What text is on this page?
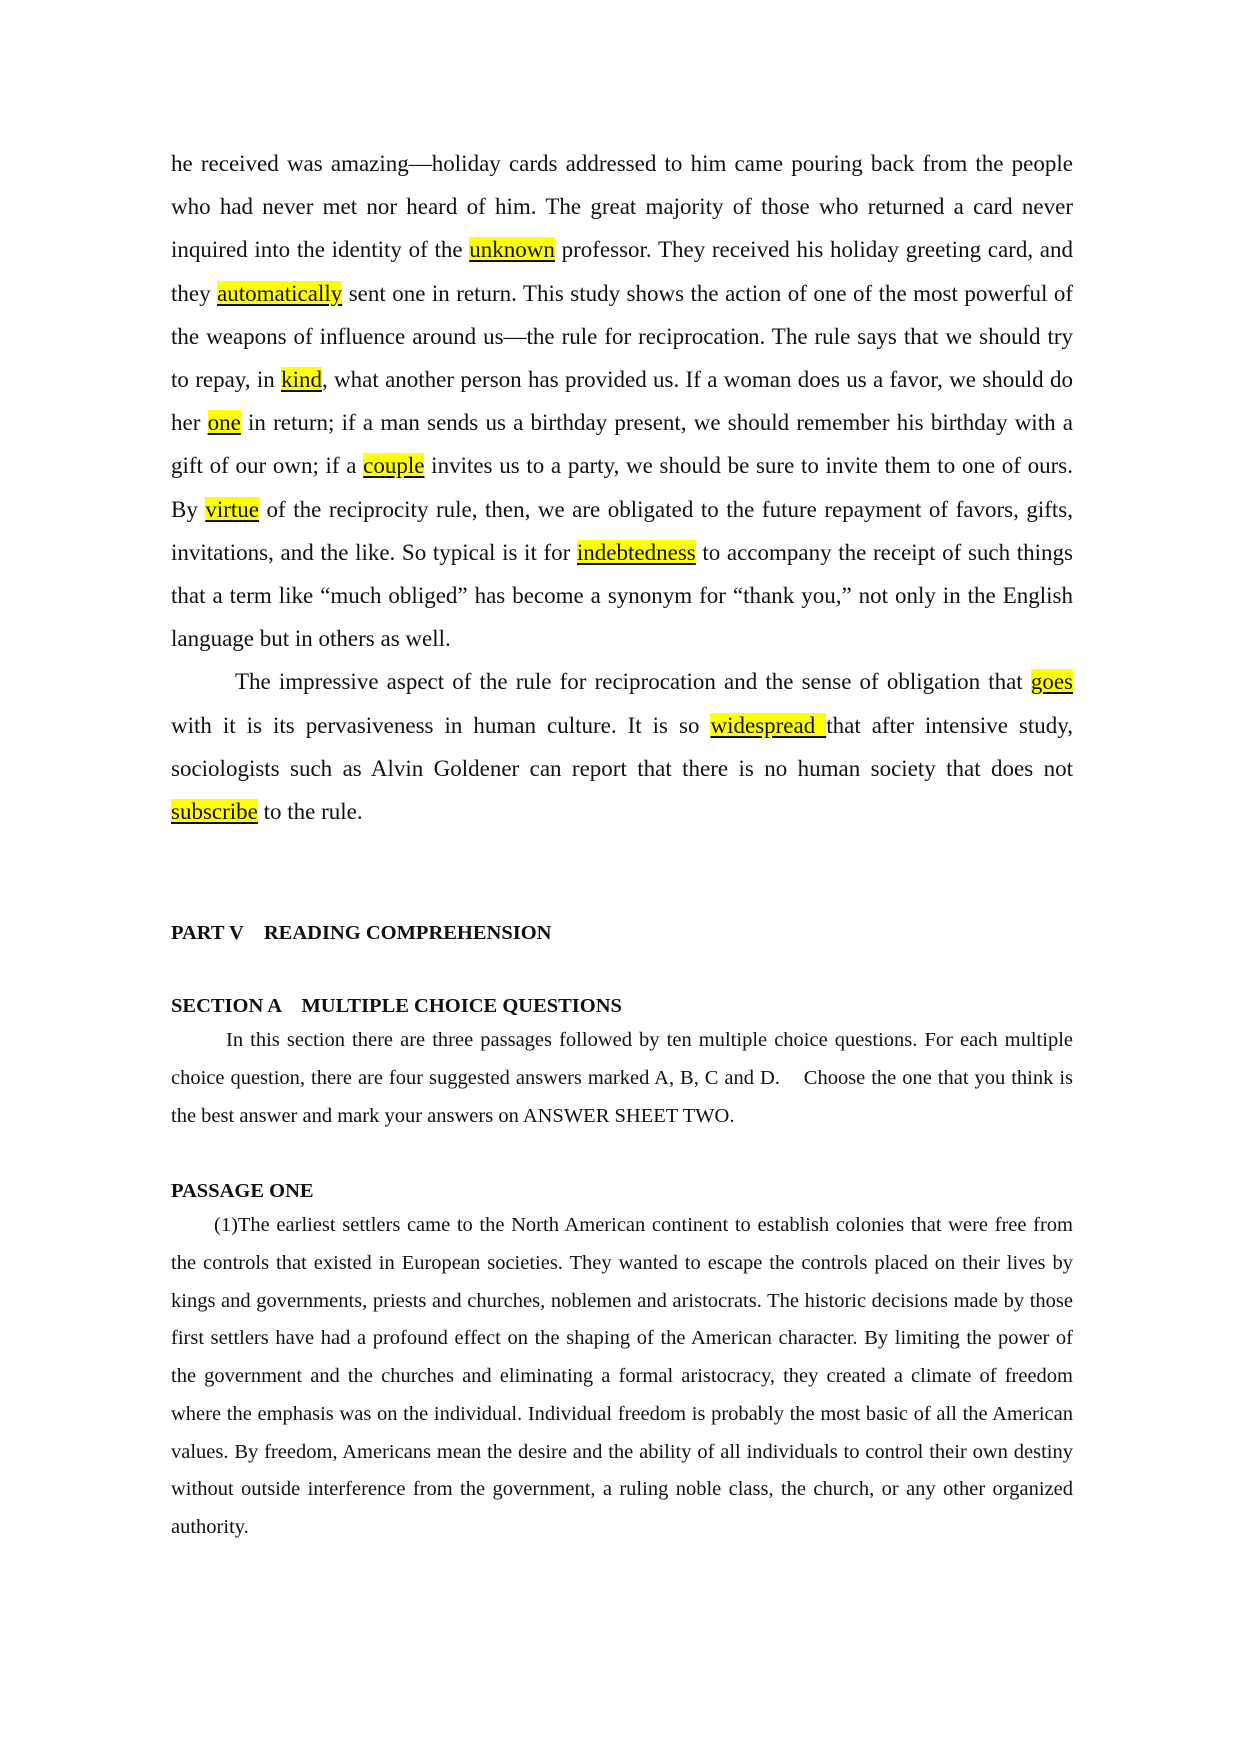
he received was amazing—holiday cards addressed to him came pouring back from the people who had never met nor heard of him. The great majority of those who returned a card never inquired into the identity of the unknown professor. They received his holiday greeting card, and they automatically sent one in return. This study shows the action of one of the most powerful of the weapons of influence around us—the rule for reciprocation. The rule says that we should try to repay, in kind, what another person has provided us. If a woman does us a favor, we should do her one in return; if a man sends us a birthday present, we should remember his birthday with a gift of our own; if a couple invites us to a party, we should be sure to invite them to one of ours. By virtue of the reciprocity rule, then, we are obligated to the future repayment of favors, gifts, invitations, and the like. So typical is it for indebtedness to accompany the receipt of such things that a term like “much obliged” has become a synonym for “thank you,” not only in the English language but in others as well.

The impressive aspect of the rule for reciprocation and the sense of obligation that goes with it is its pervasiveness in human culture. It is so widespread that after intensive study, sociologists such as Alvin Goldener can report that there is no human society that does not subscribe to the rule.

PART V    READING COMPREHENSION
SECTION A    MULTIPLE CHOICE QUESTIONS

In this section there are three passages followed by ten multiple choice questions. For each multiple choice question, there are four suggested answers marked A, B, C and D.    Choose the one that you think is the best answer and mark your answers on ANSWER SHEET TWO.

PASSAGE ONE

(1)The earliest settlers came to the North American continent to establish colonies that were free from the controls that existed in European societies. They wanted to escape the controls placed on their lives by kings and governments, priests and churches, noblemen and aristocrats. The historic decisions made by those first settlers have had a profound effect on the shaping of the American character. By limiting the power of the government and the churches and eliminating a formal aristocracy, they created a climate of freedom where the emphasis was on the individual. Individual freedom is probably the most basic of all the American values. By freedom, Americans mean the desire and the ability of all individuals to control their own destiny without outside interference from the government, a ruling noble class, the church, or any other organized authority.
